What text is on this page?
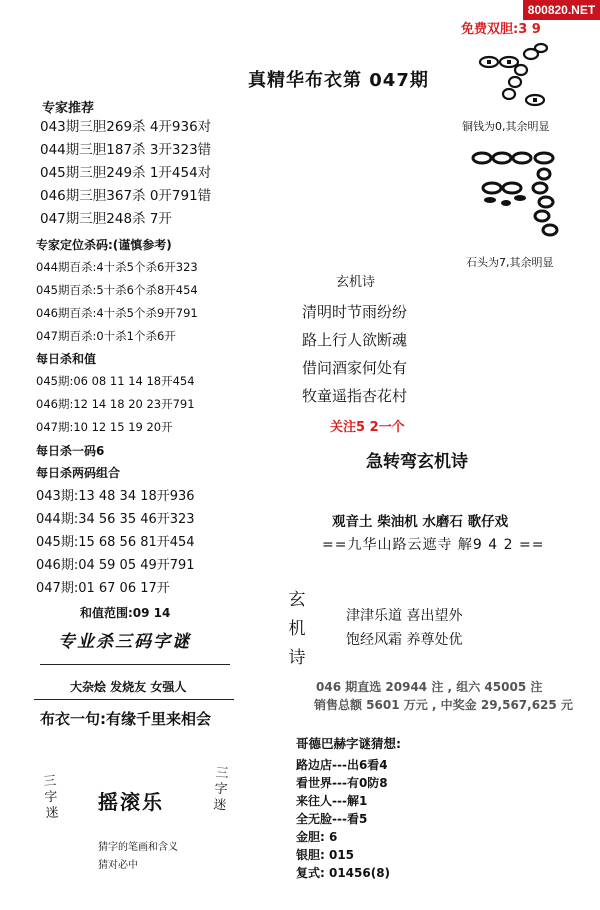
800820.NET
免费双胆:3 9
真精华布衣第 047期
专家推荐
043期三胆269杀 4开936对
044期三胆187杀 3开323错
045期三胆249杀 1开454对
046期三胆367杀 0开791错
047期三胆248杀 7开
专家定位杀码:(谨慎参考)
044期百杀:4十杀5个杀6开323
045期百杀:5十杀6个杀8开454
046期百杀:4十杀5个杀9开791
047期百杀:0十杀1个杀6开
每日杀和值
045期:06 08 11 14 18开454
046期:12 14 18 20 23开791
047期:10 12 15 19 20开
每日杀一码6
每日杀两码组合
043期:13 48 34 18开936
044期:34 56 35 46开323
045期:15 68 56 81开454
046期:04 59 05 49开791
047期:01 67 06 17开
和值范围:09 14
专业杀三码字谜
大杂烩 发烧友 女强人
布衣一句:有缘千里来相会
三字迷 摇滚乐
三字迷
猜字的笔画和含义
猜对必中
铜钱为0,其余明显
石头为7,其余明显
玄机诗
清明时节雨纷纷
路上行人欲断魂
借问酒家何处有
牧童遥指杏花村
关注5 2一个
急转弯玄机诗
观音土 柴油机 水磨石 歌仔戏
==九华山路云遮寺 解9 4 2 ==
玄机诗
津津乐道 喜出望外
饱经风霜 养尊处优
046 期直选 20944 注 , 组六 45005 注
销售总额 5601 万元 , 中奖金 29,567,625 元
哥德巴赫字谜猜想:
路边店---出6看4
看世界---有0防8
来往人---解1
全无脸---看5
金胆: 6
银胆: 015
复式: 01456(8)
